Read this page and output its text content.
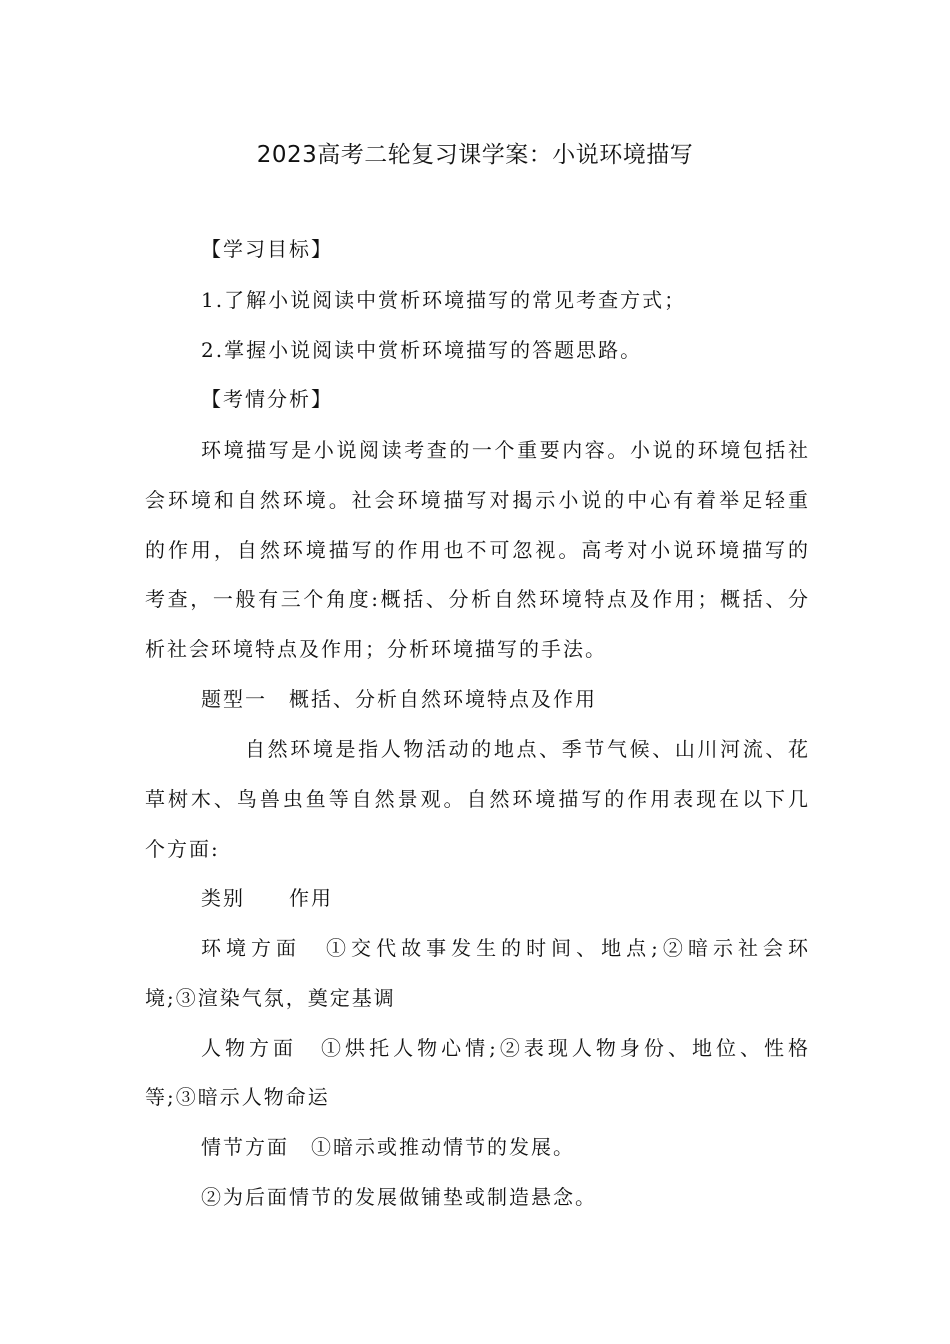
2023高考二轮复习课学案：小说环境描写
【学习目标】
1.了解小说阅读中赏析环境描写的常见考查方式；
2.掌握小说阅读中赏析环境描写的答题思路。
【考情分析】
环境描写是小说阅读考查的一个重要内容。小说的环境包括社
会环境和自然环境。社会环境描写对揭示小说的中心有着举足轻重
的作用，自然环境描写的作用也不可忽视。高考对小说环境描写的
考查，一般有三个角度:概括、分析自然环境特点及作用；概括、分
析社会环境特点及作用；分析环境描写的手法。
题型一　概括、分析自然环境特点及作用
自然环境是指人物活动的地点、季节气候、山川河流、花
草树木、鸟兽虫鱼等自然景观。自然环境描写的作用表现在以下几
个方面:
类别　　作用
环境方面　①交代故事发生的时间、地点;②暗示社会环
境;③渲染气氛，奠定基调
人物方面　①烘托人物心情;②表现人物身份、地位、性格
等;③暗示人物命运
情节方面　①暗示或推动情节的发展。
②为后面情节的发展做铺垫或制造悬念。
